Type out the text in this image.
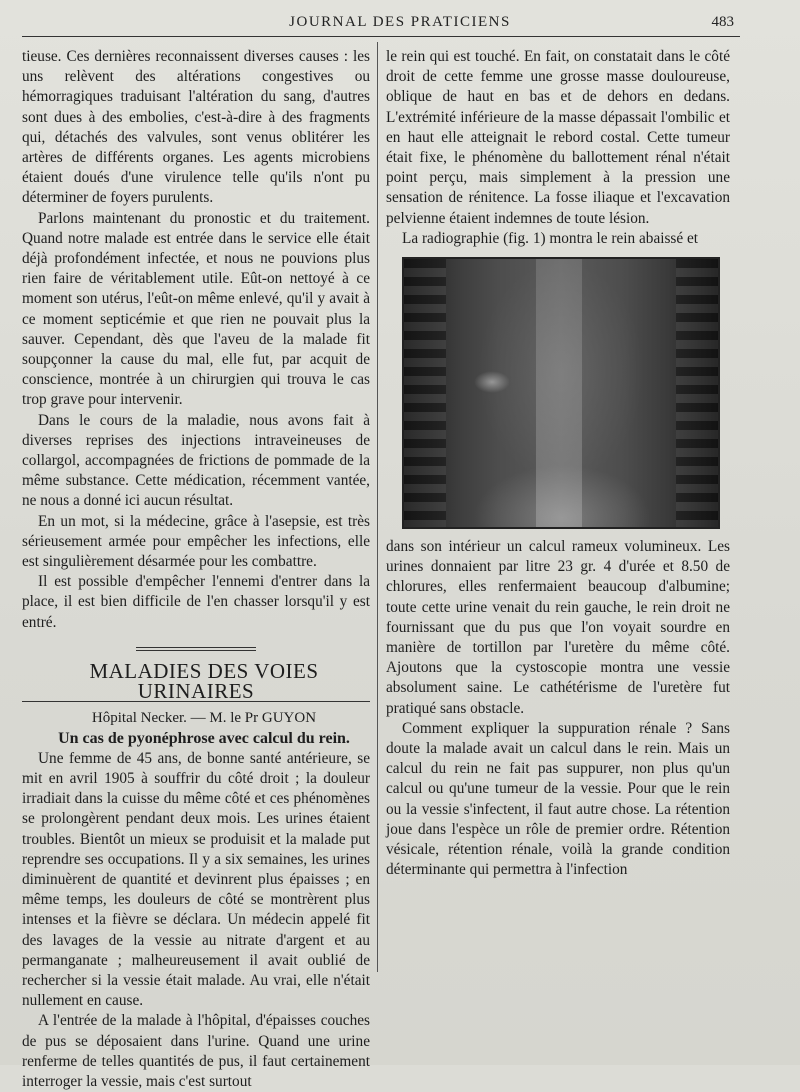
JOURNAL DES PRATICIENS	483

tieuse. Ces dernières reconnaissent diverses causes : les uns relèvent des altérations congestives ou hémorragiques traduisant l'altération du sang, d'autres sont dues à des embolies, c'est-à-dire à des fragments qui, détachés des valvules, sont venus oblitérer les artères de différents organes. Les agents microbiens étaient doués d'une virulence telle qu'ils n'ont pu déterminer de foyers purulents.

Parlons maintenant du pronostic et du traitement. Quand notre malade est entrée dans le service elle était déjà profondément infectée, et nous ne pouvions plus rien faire de véritablement utile. Eût-on nettoyé à ce moment son utérus, l'eût-on même enlevé, qu'il y avait à ce moment septicémie et que rien ne pouvait plus la sauver. Cependant, dès que l'aveu de la malade fit soupçonner la cause du mal, elle fut, par acquit de conscience, montrée à un chirurgien qui trouva le cas trop grave pour intervenir.

Dans le cours de la maladie, nous avons fait à diverses reprises des injections intraveineuses de collargol, accompagnées de frictions de pommade de la même substance. Cette médication, récemment vantée, ne nous a donné ici aucun résultat.

En un mot, si la médecine, grâce à l'asepsie, est très sérieusement armée pour empêcher les infections, elle est singulièrement désarmée pour les combattre.

Il est possible d'empêcher l'ennemi d'entrer dans la place, il est bien difficile de l'en chasser lorsqu'il y est entré.

MALADIES DES VOIES URINAIRES

Hôpital Necker. — M. le Pr GUYON

Un cas de pyonéphrose avec calcul du rein.

Une femme de 45 ans, de bonne santé antérieure, se mit en avril 1905 à souffrir du côté droit ; la douleur irradiait dans la cuisse du même côté et ces phénomènes se prolongèrent pendant deux mois. Les urines étaient troubles. Bientôt un mieux se produisit et la malade put reprendre ses occupations. Il y a six semaines, les urines diminuèrent de quantité et devinrent plus épaisses ; en même temps, les douleurs de côté se montrèrent plus intenses et la fièvre se déclara. Un médecin appelé fit des lavages de la vessie au nitrate d'argent et au permanganate ; malheureusement il avait oublié de rechercher si la vessie était malade. Au vrai, elle n'était nullement en cause.

A l'entrée de la malade à l'hôpital, d'épaisses couches de pus se déposaient dans l'urine. Quand une urine renferme de telles quantités de pus, il faut certainement interroger la vessie, mais c'est surtout

le rein qui est touché. En fait, on constatait dans le côté droit de cette femme une grosse masse douloureuse, oblique de haut en bas et de dehors en dedans. L'extrémité inférieure de la masse dépassait l'ombilic et en haut elle atteignait le rebord costal. Cette tumeur était fixe, le phénomène du ballottement rénal n'était point perçu, mais simplement à la pression une sensation de rénitence. La fosse iliaque et l'excavation pelvienne étaient indemnes de toute lésion.

La radiographie (fig. 1) montra le rein abaissé et

dans son intérieur un calcul rameux volumineux. Les urines donnaient par litre 23 gr. 4 d'urée et 8.50 de chlorures, elles renfermaient beaucoup d'albumine; toute cette urine venait du rein gauche, le rein droit ne fournissant que du pus que l'on voyait sourdre en manière de tortillon par l'uretère du même côté. Ajoutons que la cystoscopie montra une vessie absolument saine. Le cathétérisme de l'uretère fut pratiqué sans obstacle.

Comment expliquer la suppuration rénale ? Sans doute la malade avait un calcul dans le rein. Mais un calcul du rein ne fait pas suppurer, non plus qu'un calcul ou qu'une tumeur de la vessie. Pour que le rein ou la vessie s'infectent, il faut autre chose. La rétention joue dans l'espèce un rôle de premier ordre. Rétention vésicale, rétention rénale, voilà la grande condition déterminante qui permettra à l'infection
